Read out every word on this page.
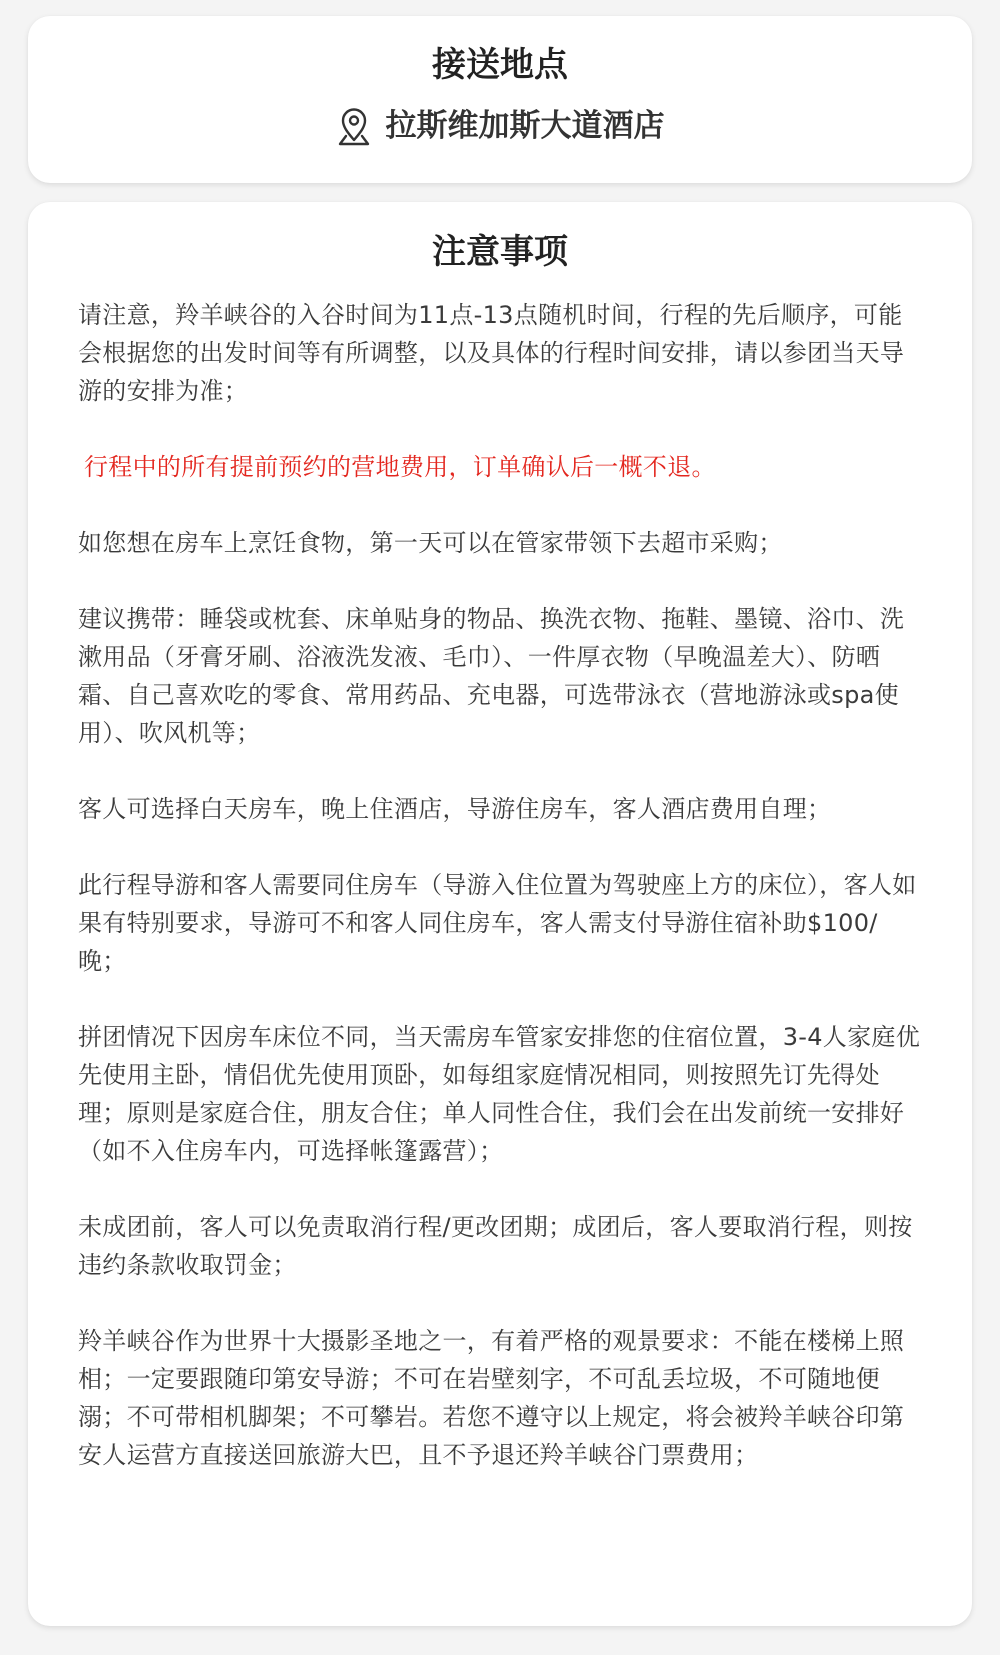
接送地点
拉斯维加斯大道酒店
注意事项

请注意，羚羊峡谷的入谷时间为11点-13点随机时间，行程的先后顺序，可能会根据您的出发时间等有所调整，以及具体的行程时间安排，请以参团当天导游的安排为准；

行程中的所有提前预约的营地费用，订单确认后一概不退。

如您想在房车上烹饪食物，第一天可以在管家带领下去超市采购；

建议携带：睡袋或枕套、床单贴身的物品、换洗衣物、拖鞋、墨镜、浴巾、洗漱用品（牙膏牙刷、浴液洗发液、毛巾）、一件厚衣物（早晚温差大）、防晒霜、自己喜欢吃的零食、常用药品、充电器，可选带泳衣（营地游泳或spa使用）、吹风机等；

客人可选择白天房车，晚上住酒店，导游住房车，客人酒店费用自理；

此行程导游和客人需要同住房车（导游入住位置为驾驶座上方的床位），客人如果有特别要求，导游可不和客人同住房车，客人需支付导游住宿补助$100/晚；

拼团情况下因房车床位不同，当天需房车管家安排您的住宿位置，3-4人家庭优先使用主卧，情侣优先使用顶卧，如每组家庭情况相同，则按照先订先得处理；原则是家庭合住，朋友合住；单人同性合住，我们会在出发前统一安排好（如不入住房车内，可选择帐篷露营）；

未成团前，客人可以免责取消行程/更改团期；成团后，客人要取消行程，则按违约条款收取罚金；

羚羊峡谷作为世界十大摄影圣地之一，有着严格的观景要求：不能在楼梯上照相；一定要跟随印第安导游；不可在岩壁刻字，不可乱丢垃圾，不可随地便溺；不可带相机脚架；不可攀岩。若您不遵守以上规定，将会被羚羊峡谷印第安人运营方直接送回旅游大巴，且不予退还羚羊峡谷门票费用；
